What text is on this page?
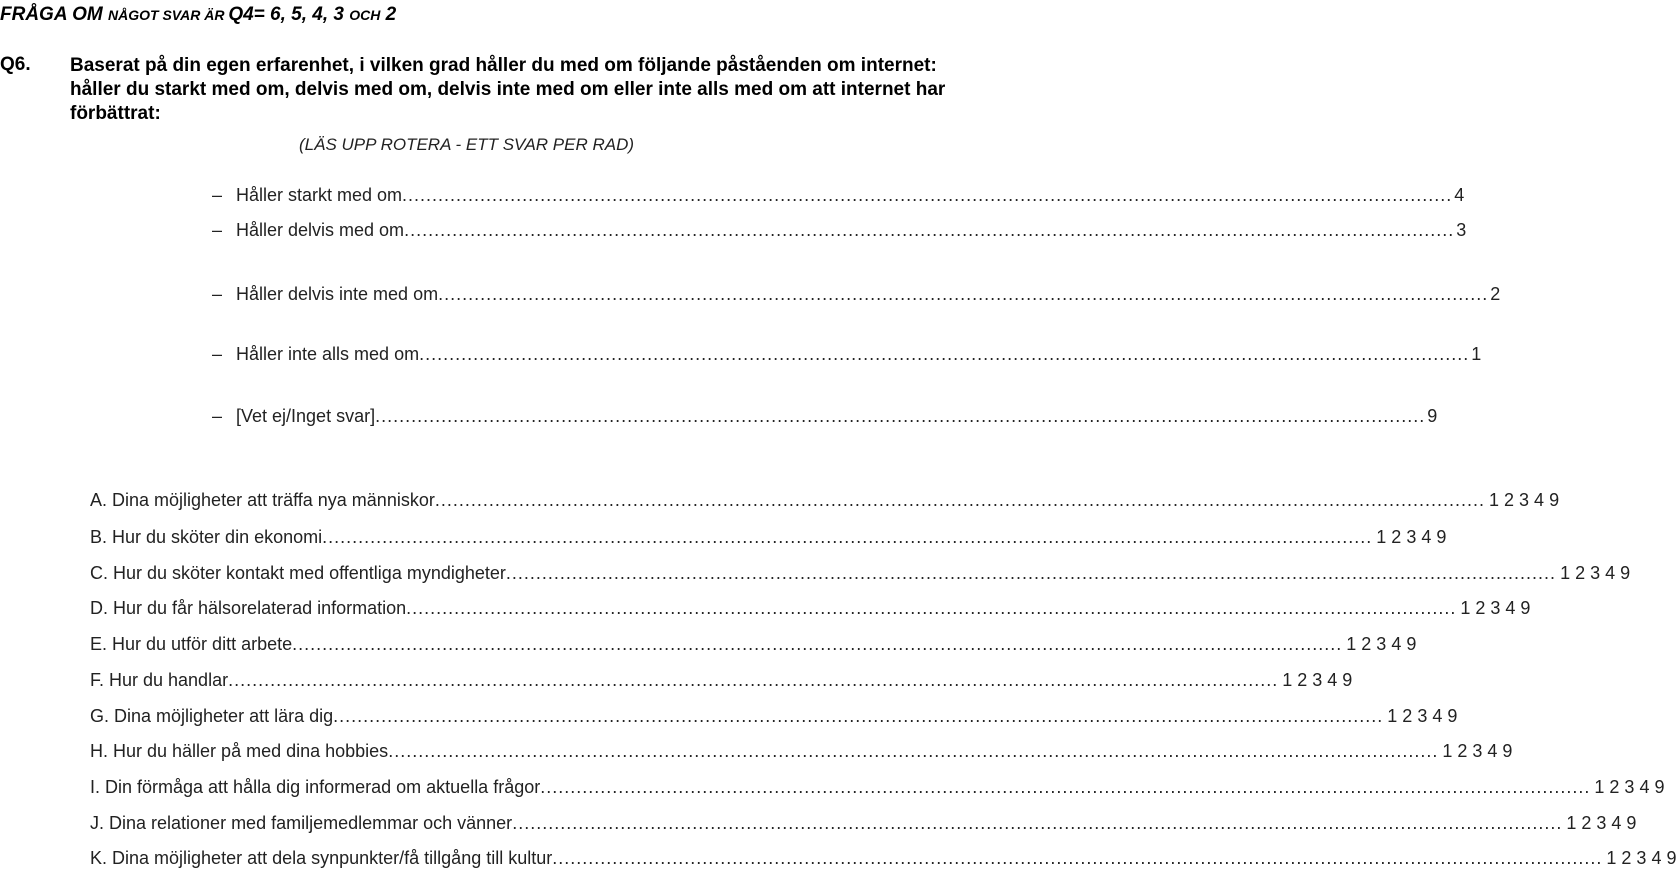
FRÅGA OM NÅGOT SVAR ÄR Q4= 6, 5, 4, 3 OCH 2
Q6. Baserat på din egen erfarenhet, i vilken grad håller du med om följande påståenden om internet: håller du starkt med om, delvis med om, delvis inte med om eller inte alls med om att internet har förbättrat:
(LÄS UPP ROTERA - ETT SVAR PER RAD)
– Håller starkt med om ............................................................................................................................................................................... 4
– Håller delvis med om ............................................................................................................................................................................... 3
– Håller delvis inte med om ............................................................................................................................................................................... 2
– Håller inte alls med om ............................................................................................................................................................................... 1
– [Vet ej/Inget svar] ............................................................................................................................................................................... 9
A. Dina möjligheter att träffa nya människor ............................................................................................................................................................................... 1 2 3 4 9
B. Hur du sköter din ekonomi ............................................................................................................................................................................... 1 2 3 4 9
C. Hur du sköter kontakt med offentliga myndigheter ............................................................................................................................................................................... 1 2 3 4 9
D. Hur du får hälsorelaterad information ............................................................................................................................................................................... 1 2 3 4 9
E. Hur du utför ditt arbete ............................................................................................................................................................................... 1 2 3 4 9
F. Hur du handlar ............................................................................................................................................................................... 1 2 3 4 9
G. Dina möjligheter att lära dig ............................................................................................................................................................................... 1 2 3 4 9
H. Hur du häller på med dina hobbies ............................................................................................................................................................................... 1 2 3 4 9
I. Din förmåga att hålla dig informerad om aktuella frågor ............................................................................................................................................................................... 1 2 3 4 9
J. Dina relationer med familjemedlemmar och vänner ............................................................................................................................................................................... 1 2 3 4 9
K. Dina möjligheter att dela synpunkter/få tillgång till kultur ............................................................................................................................................................................... 1 2 3 4 9
